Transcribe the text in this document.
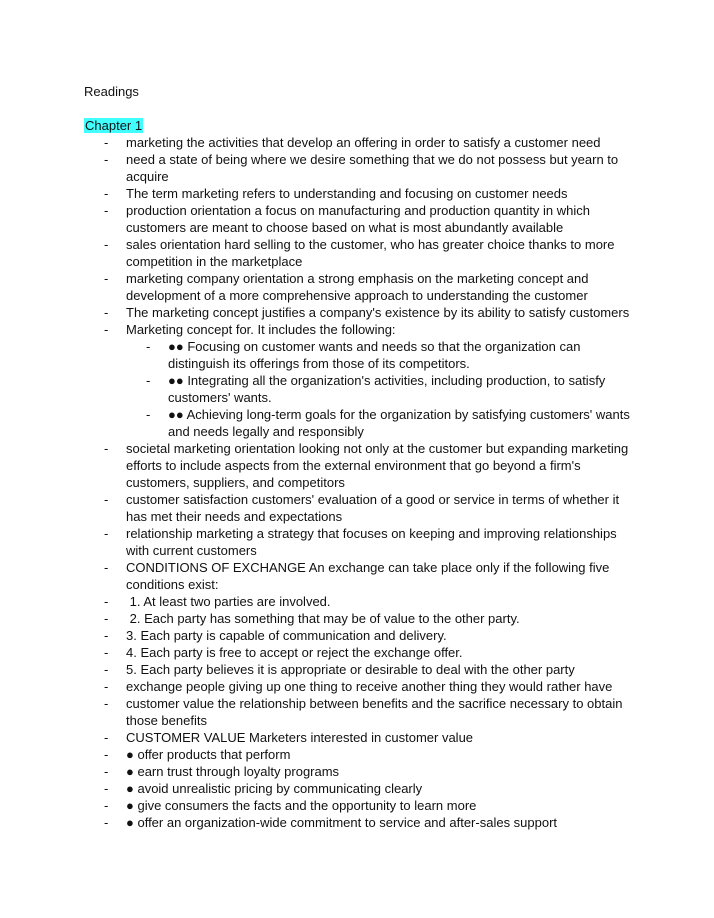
Readings
Chapter 1
- marketing the activities that develop an offering in order to satisfy a customer need
- need a state of being where we desire something that we do not possess but yearn to acquire
- The term marketing refers to understanding and focusing on customer needs
- production orientation a focus on manufacturing and production quantity in which customers are meant to choose based on what is most abundantly available
- sales orientation hard selling to the customer, who has greater choice thanks to more competition in the marketplace
- marketing company orientation a strong emphasis on the marketing concept and development of a more comprehensive approach to understanding the customer
- The marketing concept justifies a company's existence by its ability to satisfy customers
- Marketing concept for. It includes the following:
- ●● Focusing on customer wants and needs so that the organization can distinguish its offerings from those of its competitors.
- ●● Integrating all the organization's activities, including production, to satisfy customers' wants.
- ●● Achieving long-term goals for the organization by satisfying customers' wants and needs legally and responsibly
- societal marketing orientation looking not only at the customer but expanding marketing efforts to include aspects from the external environment that go beyond a firm's customers, suppliers, and competitors
- customer satisfaction customers' evaluation of a good or service in terms of whether it has met their needs and expectations
- relationship marketing a strategy that focuses on keeping and improving relationships with current customers
- CONDITIONS OF EXCHANGE An exchange can take place only if the following five conditions exist:
- 1. At least two parties are involved.
- 2. Each party has something that may be of value to the other party.
- 3. Each party is capable of communication and delivery.
- 4. Each party is free to accept or reject the exchange offer.
- 5. Each party believes it is appropriate or desirable to deal with the other party
- exchange people giving up one thing to receive another thing they would rather have
- customer value the relationship between benefits and the sacrifice necessary to obtain those benefits
- CUSTOMER VALUE Marketers interested in customer value
- ● offer products that perform
- ● earn trust through loyalty programs
- ● avoid unrealistic pricing by communicating clearly
- ● give consumers the facts and the opportunity to learn more
- ● offer an organization-wide commitment to service and after-sales support
